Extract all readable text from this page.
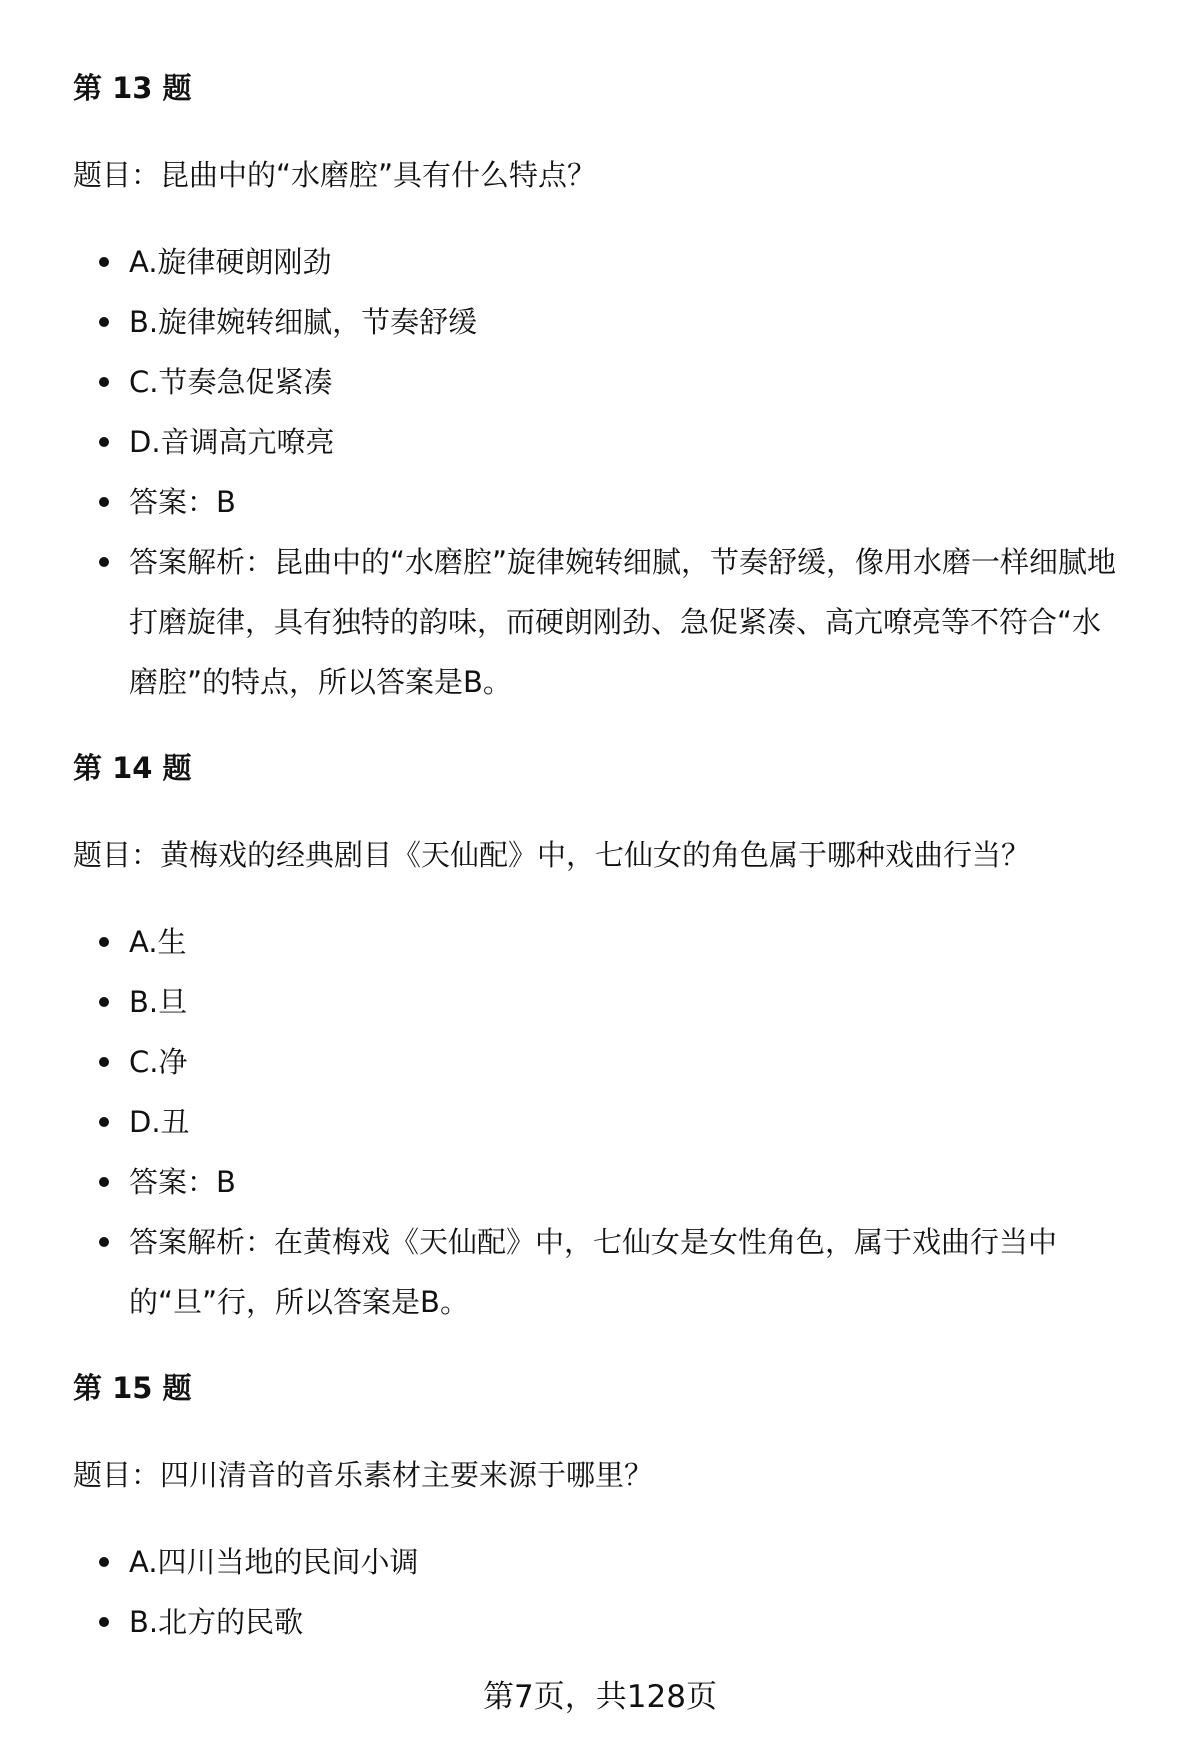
第 13 题

题目：昆曲中的“水磨腔”具有什么特点？

A.旋律硬朗刚劲
B.旋律婉转细腻，节奏舒缓
C.节奏急促紧凑
D.音调高亢嘹亮
答案：B
答案解析：昆曲中的“水磨腔”旋律婉转细腻，节奏舒缓，像用水磨一样细腻地打磨旋律，具有独特的韵味，而硬朗刚劲、急促紧凑、高亢嘹亮等不符合“水磨腔”的特点，所以答案是B。
第 14 题

题目：黄梅戏的经典剧目《天仙配》中，七仙女的角色属于哪种戏曲行当？

A.生
B.旦
C.净
D.丑
答案：B
答案解析：在黄梅戏《天仙配》中，七仙女是女性角色，属于戏曲行当中的“旦”行，所以答案是B。
第 15 题

题目：四川清音的音乐素材主要来源于哪里？

A.四川当地的民间小调
B.北方的民歌
第7页，共128页
